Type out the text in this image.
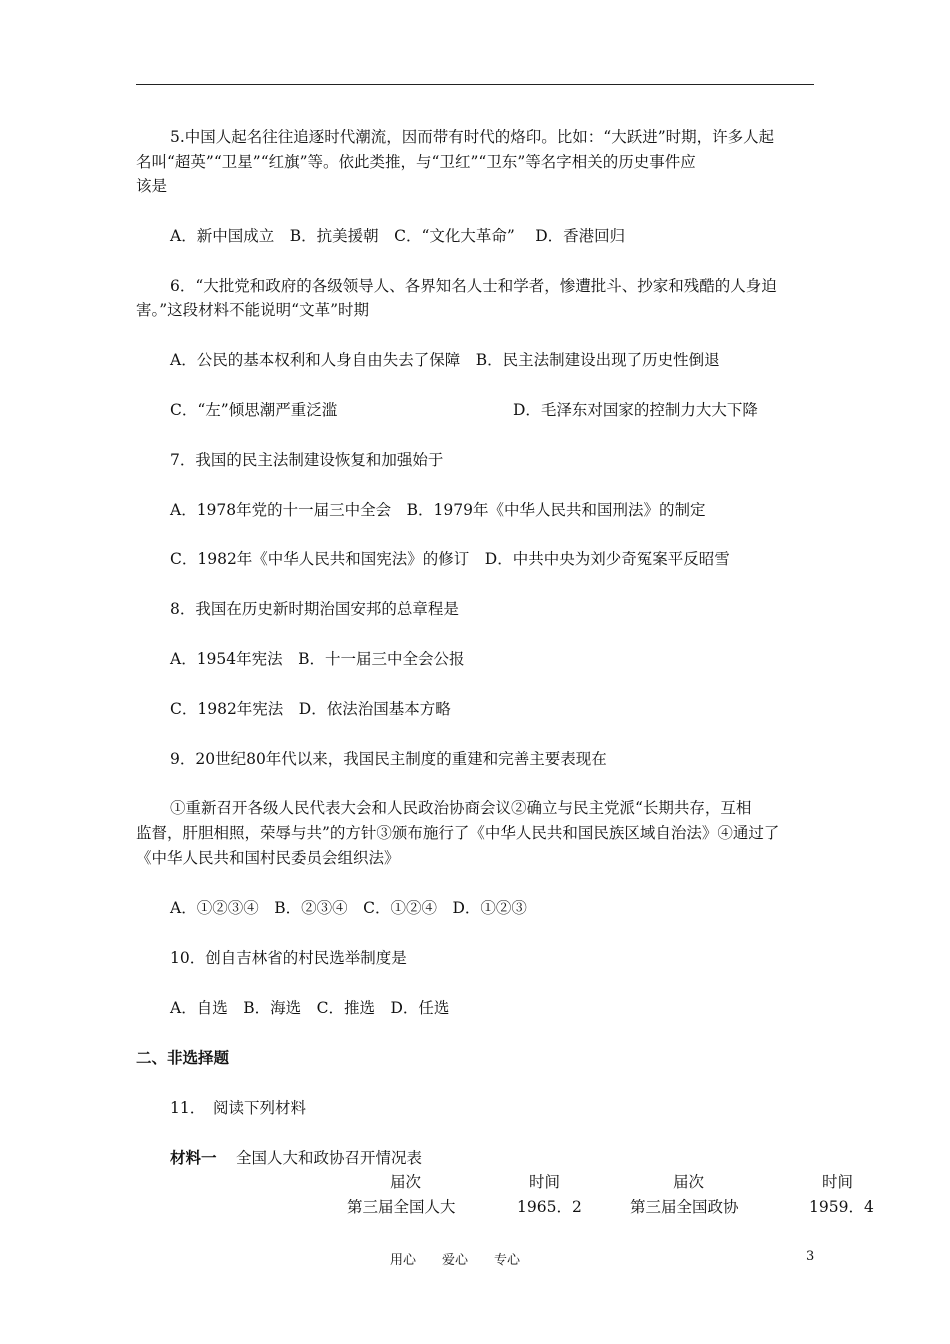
5.中国人起名往往追逐时代潮流，因而带有时代的烙印。比如：“大跃进”时期，许多人起
名叫“超英”“卫星”“红旗”等。依此类推，与“卫红”“卫东”等名字相关的历史事件应
该是
A．新中国成立　B．抗美援朝　C．“文化大革命”　 D．香港回归
6．“大批党和政府的各级领导人、各界知名人士和学者，惨遭批斗、抄家和残酷的人身迫
害。”这段材料不能说明“文革”时期
A．公民的基本权利和人身自由失去了保障　B．民主法制建设出现了历史性倒退
C．“左”倾思潮严重泛滥	D．毛泽东对国家的控制力大大下降
7．我国的民主法制建设恢复和加强始于
A．1978年党的十一届三中全会　B．1979年《中华人民共和国刑法》的制定
C．1982年《中华人民共和国宪法》的修订　D．中共中央为刘少奇冤案平反昭雪
8．我国在历史新时期治国安邦的总章程是
A．1954年宪法　B．十一届三中全会公报
C．1982年宪法　D．依法治国基本方略
9．20世纪80年代以来，我国民主制度的重建和完善主要表现在
①重新召开各级人民代表大会和人民政治协商会议②确立与民主党派“长期共存，互相
监督，肝胆相照，荣辱与共”的方针③颁布施行了《中华人民共和国民族区域自治法》④通过了
《中华人民共和国村民委员会组织法》
A．①②③④　B．②③④　C．①②④　D．①②③
10．创自吉林省的村民选举制度是
A．自选　B．海选　C．推选　D．任选
二、非选择题
11．　阅读下列材料
材料一	全国人大和政协召开情况表
届次	时间	届次	时间
第三届全国人大	1965．2	第三届全国政协	1959．4
用心　　爱心　　专心	3
